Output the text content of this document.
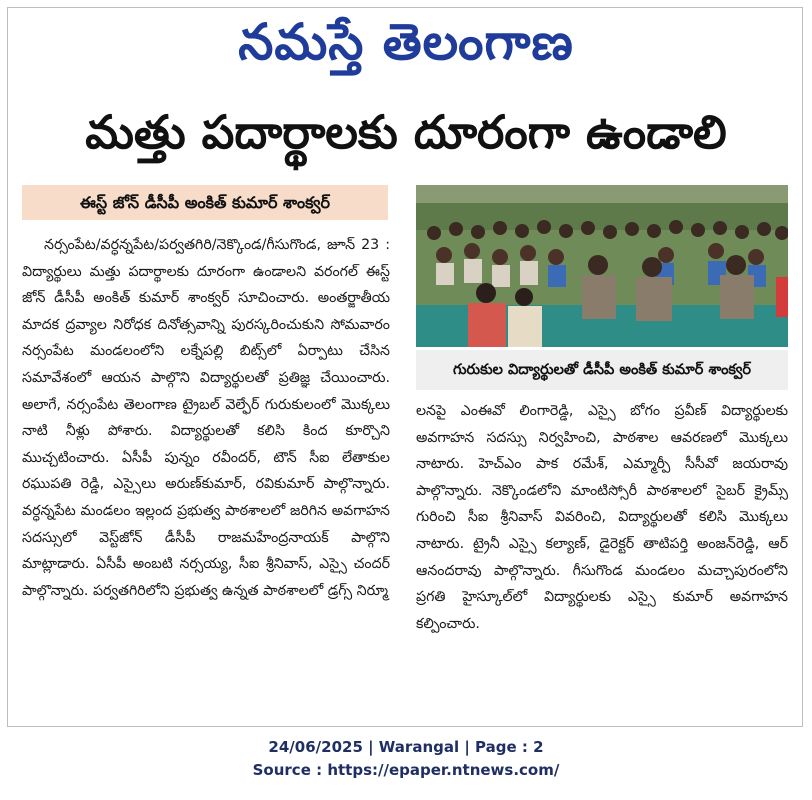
నమస్తే తెలంగాణ
మత్తు పదార్థాలకు దూరంగా ఉండాలి
ఈస్ట్ జోన్ డీసీపీ అంకిత్ కుమార్ శాంక్వర్

నర్సంపేట/వర్ధన్నపేట/పర్వతగిరి/నెక్కొండ/గీసుగొండ, జూన్ 23 : విద్యార్థులు మత్తు పదార్థాలకు దూరంగా ఉండాలని వరంగల్ ఈస్ట్ జోన్ డీసీపీ అంకిత్ కుమార్ శాంక్వర్ సూచించారు. అంతర్జాతీయ మాదక ద్రవ్యాల నిరోధక దినోత్సవాన్ని పురస్కరించుకుని సోమవారం నర్సంపేట మండలంలోని లక్నేపల్లి బిట్స్‌లో ఏర్పాటు చేసిన సమావేశంలో ఆయన పాల్గొని విద్యార్థులతో ప్రతిజ్ఞ చేయించారు. అలాగే, నర్సంపేట తెలంగాణ ట్రైబల్ వెల్ఫేర్ గురుకులంలో మొక్కలు నాటి నీళ్లు పోశారు. విద్యార్థులతో కలిసి కింద కూర్చొని ముచ్చటించారు. ఏసీపీ పున్నం రవీందర్, టౌన్ సీఐ లేతాకుల రఘుపతి రెడ్డి, ఎస్సైలు అరుణ్‌కుమార్, రవికుమార్ పాల్గొన్నారు. వర్ధన్నపేట మండలం ఇల్లంద ప్రభుత్వ పాఠశాలలో జరిగిన అవగాహన సదస్సులో వెస్ట్‌జోన్ డీసీపీ రాజమహేంద్రనాయక్ పాల్గొని మాట్లాడారు. ఏసీపీ అంబటి నర్సయ్య, సీఐ శ్రీనివాస్, ఎస్సై చందర్ పాల్గొన్నారు. పర్వతగిరిలోని ప్రభుత్వ ఉన్నత పాఠశాలలో డ్రగ్స్ నిర్మూ

గురుకుల విద్యార్థులతో డీసీపీ అంకిత్ కుమార్ శాంక్వర్

లనపై ఎంఈవో లింగారెడ్డి, ఎస్సై బోగం ప్రవీణ్ విద్యార్థులకు అవగాహన సదస్సు నిర్వహించి, పాఠశాల ఆవరణలో మొక్కలు నాటారు. హెచ్‌ఎం పాక రమేశ్, ఎమ్మార్పీ సీసీవో జయరావు పాల్గొన్నారు. నెక్కొండలోని మాంటిస్సోరీ పాఠశాలలో సైబర్ క్రైమ్స్ గురించి సీఐ శ్రీనివాస్ వివరించి, విద్యార్థులతో కలిసి మొక్కలు నాటారు. ట్రైనీ ఎస్సై కల్యాణ్, డైరెక్టర్ తాటిపర్తి అంజన్‌రెడ్డి, ఆర్ ఆనందరావు పాల్గొన్నారు. గీసుగొండ మండలం మచ్చాపురంలోని ప్రగతి హైస్కూల్‌లో విద్యార్థులకు ఎస్సై కుమార్ అవగాహన కల్పించారు.

24/06/2025 | Warangal | Page : 2
Source : https://epaper.ntnews.com/
